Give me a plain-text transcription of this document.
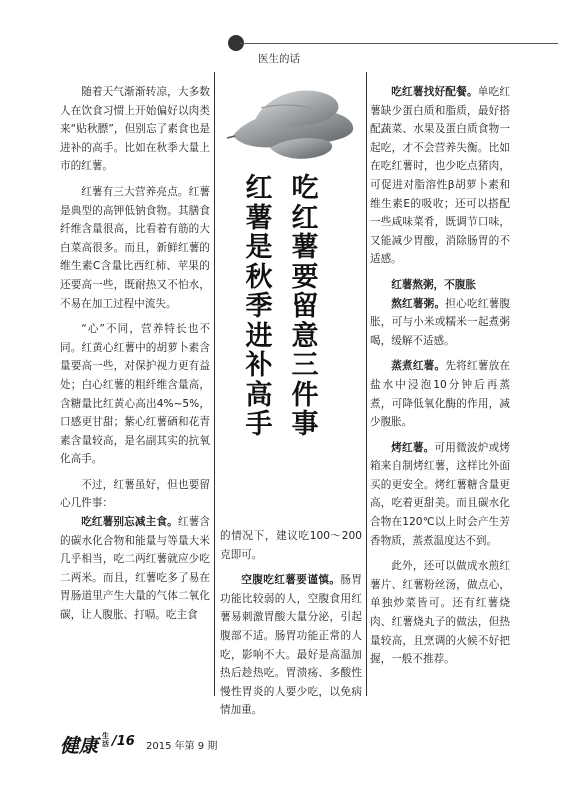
医生的话
吃红薯要留意三件事
红薯是秋季进补高手

随着天气渐渐转凉，大多数人在饮食习惯上开始偏好以肉类来“贴秋膘”，但别忘了素食也是进补的高手。比如在秋季大量上市的红薯。

红薯有三大营养亮点。红薯是典型的高钾低钠食物。其膳食纤维含量很高，比看着有筋的大白菜高很多。而且，新鲜红薯的维生素C含量比西红柿、苹果的还要高一些，既耐热又不怕水，不易在加工过程中流失。

“心”不同，营养特长也不同。红黄心红薯中的胡萝卜素含量要高一些，对保护视力更有益处；白心红薯的粗纤维含量高，含糖量比红黄心高出4%~5%，口感更甘甜；紫心红薯硒和花青素含量较高，是名副其实的抗氧化高手。

不过，红薯虽好，但也要留心几件事：

吃红薯别忘减主食。红薯含的碳水化合物和能量与等量大米几乎相当，吃二两红薯就应少吃二两米。而且，红薯吃多了易在胃肠道里产生大量的气体二氧化碳，让人腹胀、打嗝。吃主食

的情况下，建议吃100～200克即可。

空腹吃红薯要谨慎。肠胃功能比较弱的人，空腹食用红薯易刺激胃酸大量分泌，引起腹部不适。肠胃功能正常的人吃，影响不大。最好是高温加热后趁热吃。胃溃疡、多酸性慢性胃炎的人要少吃，以免病情加重。

吃红薯找好配餐。单吃红薯缺少蛋白质和脂质，最好搭配蔬菜、水果及蛋白质食物一起吃，才不会营养失衡。比如在吃红薯时，也少吃点猪肉，可促进对脂溶性β胡萝卜素和维生素E的吸收；还可以搭配一些咸味菜肴，既调节口味，又能减少胃酸，消除肠胃的不适感。

红薯熬粥，不腹胀

熬红薯粥。担心吃红薯腹胀，可与小米或糯米一起煮粥喝，缓解不适感。

蒸煮红薯。先将红薯放在盐水中浸泡10分钟后再蒸煮，可降低氧化酶的作用，减少腹胀。

烤红薯。可用微波炉或烤箱来自制烤红薯，这样比外面买的更安全。烤红薯糖含量更高，吃着更甜美。而且碳水化合物在120℃以上时会产生芳香物质，蒸煮温度达不到。

此外，还可以做成水煎红薯片、红薯粉丝汤，做点心，单独炒菜皆可。还有红薯烧肉、红薯烧丸子的做法，但热量较高，且烹调的火候不好把握，一般不推荐。

健康 生活 /16 2015 年第 9 期
